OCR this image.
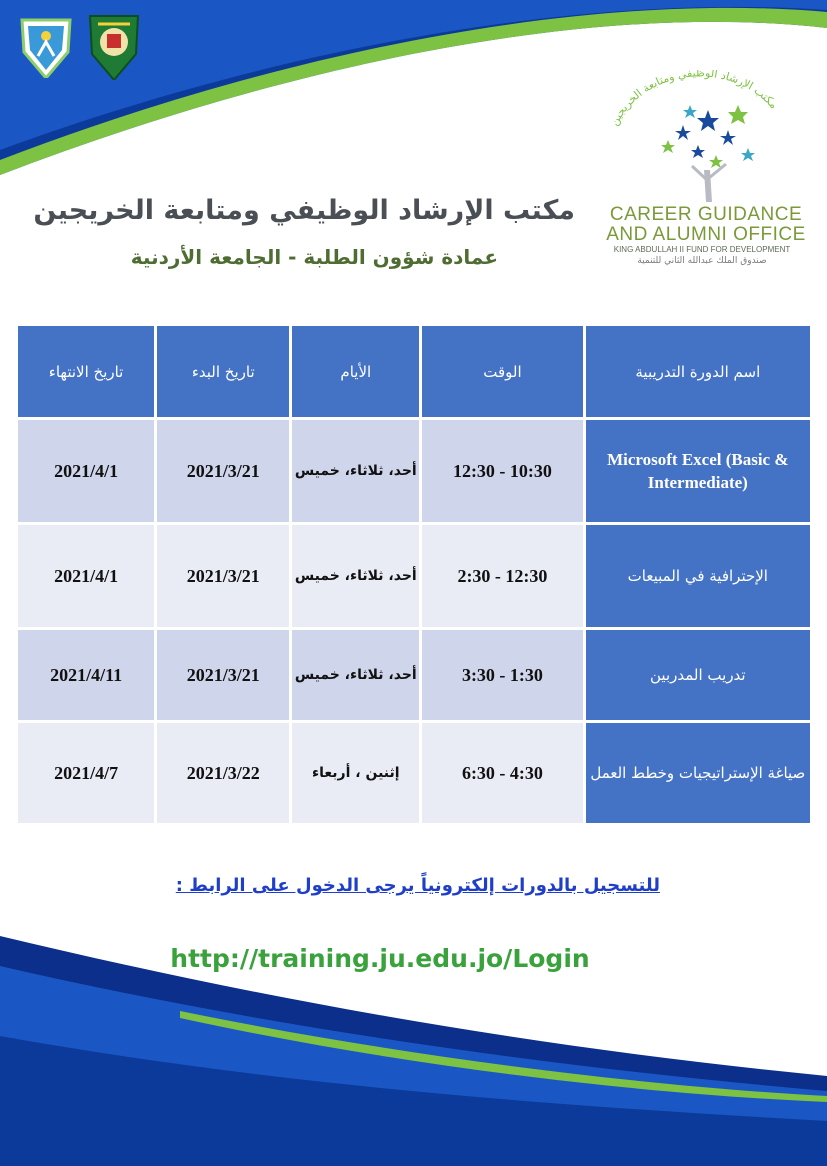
مكتب الإرشاد الوظيفي ومتابعة الخريجين
CAREER GUIDANCE
AND ALUMNI OFFICE
KING ABDULLAH II FUND FOR DEVELOPMENT
صندوق الملك عبدالله الثاني للتنمية
مكتب الإرشاد الوظيفي ومتابعة الخريجين
عمادة شؤون الطلبة - الجامعة الأردنية
تاريخ الانتهاء	تاريخ البدء	الأيام	الوقت	اسم الدورة التدريبية
2021/4/1	2021/3/21	أحد، ثلاثاء، خميس	12:30 - 10:30	Microsoft Excel (Basic & Intermediate)
2021/4/1	2021/3/21	أحد، ثلاثاء، خميس	2:30 - 12:30	الإحترافية في المبيعات
2021/4/11	2021/3/21	أحد، ثلاثاء، خميس	3:30 - 1:30	تدريب المدربين
2021/4/7	2021/3/22	إثنين ، أربعاء	6:30 - 4:30	صياغة الإستراتيجيات وخطط العمل
للتسجيل بالدورات إلكترونياً يرجى الدخول على الرابط :
http://training.ju.edu.jo/Login
